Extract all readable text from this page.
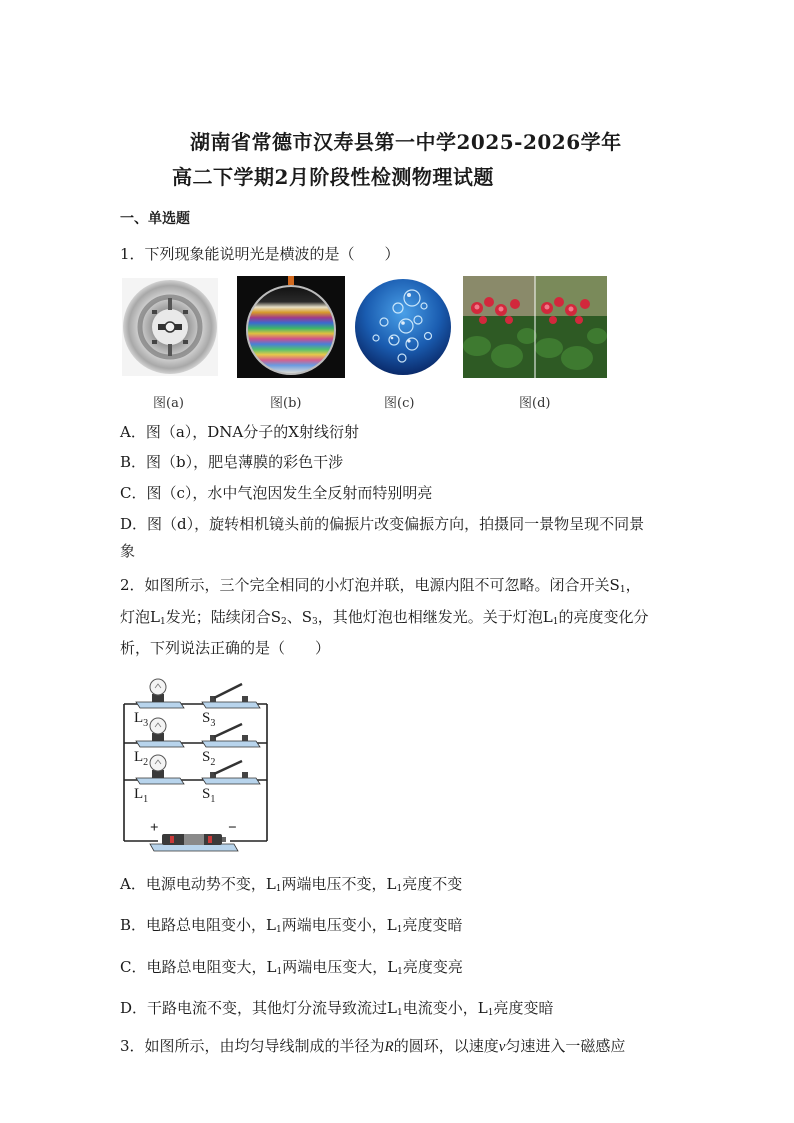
湖南省常德市汉寿县第一中学2025-2026学年
高二下学期2月阶段性检测物理试题
一、单选题
1．下列现象能说明光是横波的是（　　）
图(a)	图(b)	图(c)	图(d)
A．图（a），DNA分子的X射线衍射
B．图（b），肥皂薄膜的彩色干涉
C．图（c），水中气泡因发生全反射而特别明亮
D．图（d），旋转相机镜头前的偏振片改变偏振方向，拍摄同一景物呈现不同景
象
2．如图所示，三个完全相同的小灯泡并联，电源内阻不可忽略。闭合开关$S_1$，
灯泡$L_1$发光；陆续闭合$S_2$、$S_3$，其他灯泡也相继发光。关于灯泡$L_1$的亮度变化分
析，下列说法正确的是（　　）
$L_3$	$S_3$
$L_2$	$S_2$
$L_1$	$S_1$
+	−
A．电源电动势不变，$L_1$两端电压不变，$L_1$亮度不变
B．电路总电阻变小，$L_1$两端电压变小，$L_1$亮度变暗
C．电路总电阻变大，$L_1$两端电压变大，$L_1$亮度变亮
D．干路电流不变，其他灯分流导致流过$L_1$电流变小，$L_1$亮度变暗
3．如图所示，由均匀导线制成的半径为R的圆环，以速度v匀速进入一磁感应
